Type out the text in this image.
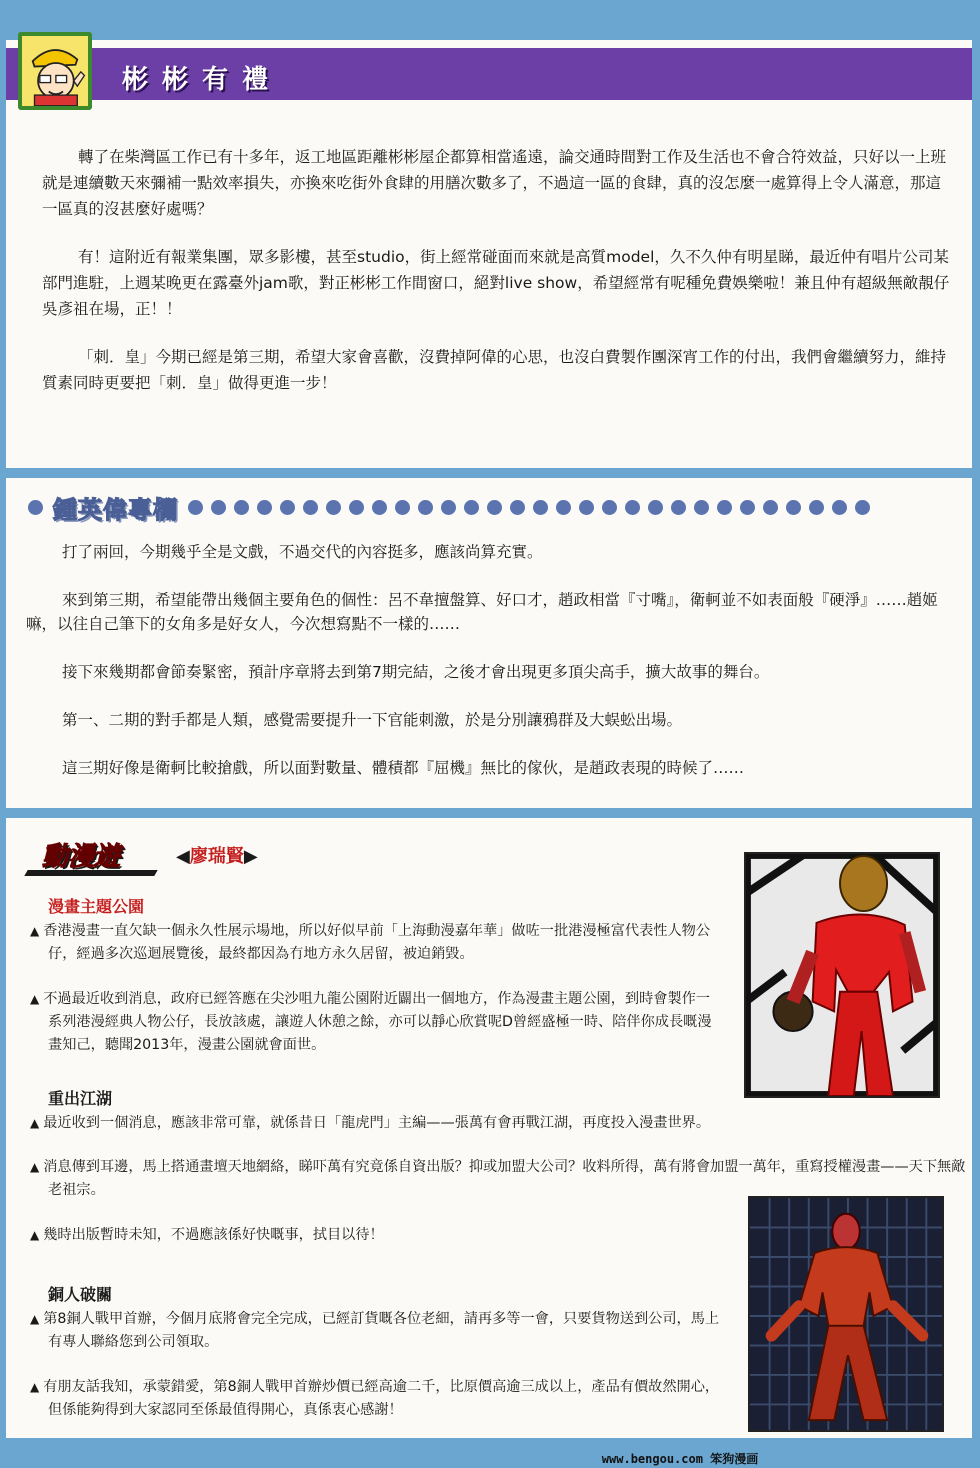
彬彬有禮

轉了在柴灣區工作已有十多年，返工地區距離彬彬屋企都算相當遙遠，論交通時間對工作及生活也不會合符效益，只好以一上班就是連續數天來彌補一點效率損失，亦換來吃街外食肆的用膳次數多了，不過這一區的食肆，真的沒怎麼一處算得上令人滿意，那這一區真的沒甚麼好處嗎？

有！這附近有報業集團，眾多影樓，甚至studio，街上經常碰面而來就是高質model，久不久仲有明星睇，最近仲有唱片公司某部門進駐，上週某晚更在露臺外jam歌，對正彬彬工作間窗口，絕對live show，希望經常有呢種免費娛樂啦！兼且仲有超級無敵靚仔吳彥祖在場，正！！

「刺．皇」今期已經是第三期，希望大家會喜歡，沒費掉阿偉的心思，也沒白費製作團深宵工作的付出，我們會繼續努力，維持質素同時更要把「刺．皇」做得更進一步！

鍾英偉專欄

打了兩回，今期幾乎全是文戲，不過交代的內容挺多，應該尚算充實。

來到第三期，希望能帶出幾個主要角色的個性：呂不韋擅盤算、好口才，趙政相當『寸嘴』，衛軻並不如表面般『硬淨』……趙姬嘛，以往自己筆下的女角多是好女人，今次想寫點不一樣的……

接下來幾期都會節奏緊密，預計序章將去到第7期完結，之後才會出現更多頂尖高手，擴大故事的舞台。

第一、二期的對手都是人類，感覺需要提升一下官能刺激，於是分別讓鴉群及大蜈蚣出場。

這三期好像是衛軻比較搶戲，所以面對數量、體積都『屈機』無比的傢伙，是趙政表現的時候了……

動漫遊	◀廖瑞賢▶
漫畫主題公園
▲ 香港漫畫一直欠缺一個永久性展示場地，所以好似早前「上海動漫嘉年華」做咗一批港漫極富代表性人物公仔，經過多次巡迴展覽後，最終都因為冇地方永久居留，被迫銷毀。
▲ 不過最近收到消息，政府已經答應在尖沙咀九龍公園附近闢出一個地方，作為漫畫主題公園，到時會製作一系列港漫經典人物公仔，長放該處，讓遊人休憩之餘，亦可以靜心欣賞呢D曾經盛極一時、陪伴你成長嘅漫畫知己，聽聞2013年，漫畫公園就會面世。
重出江湖
▲ 最近收到一個消息，應該非常可靠，就係昔日「龍虎門」主編——張萬有會再戰江湖，再度投入漫畫世界。
▲ 消息傳到耳邊，馬上搭通畫壇天地網絡，睇吓萬有究竟係自資出版？抑或加盟大公司？收料所得，萬有將會加盟一萬年，重寫授權漫畫——天下無敵老祖宗。
▲ 幾時出版暫時未知，不過應該係好快嘅事，拭目以待！
銅人破關
▲ 第8銅人戰甲首辦，今個月底將會完全完成，已經訂貨嘅各位老細，請再多等一會，只要貨物送到公司，馬上有專人聯絡您到公司領取。
▲ 有朋友話我知，承蒙錯愛，第8銅人戰甲首辦炒價已經高逾二千，比原價高逾三成以上，產品有價故然開心，但係能夠得到大家認同至係最值得開心，真係衷心感謝！
www.bengou.com 笨狗漫画
